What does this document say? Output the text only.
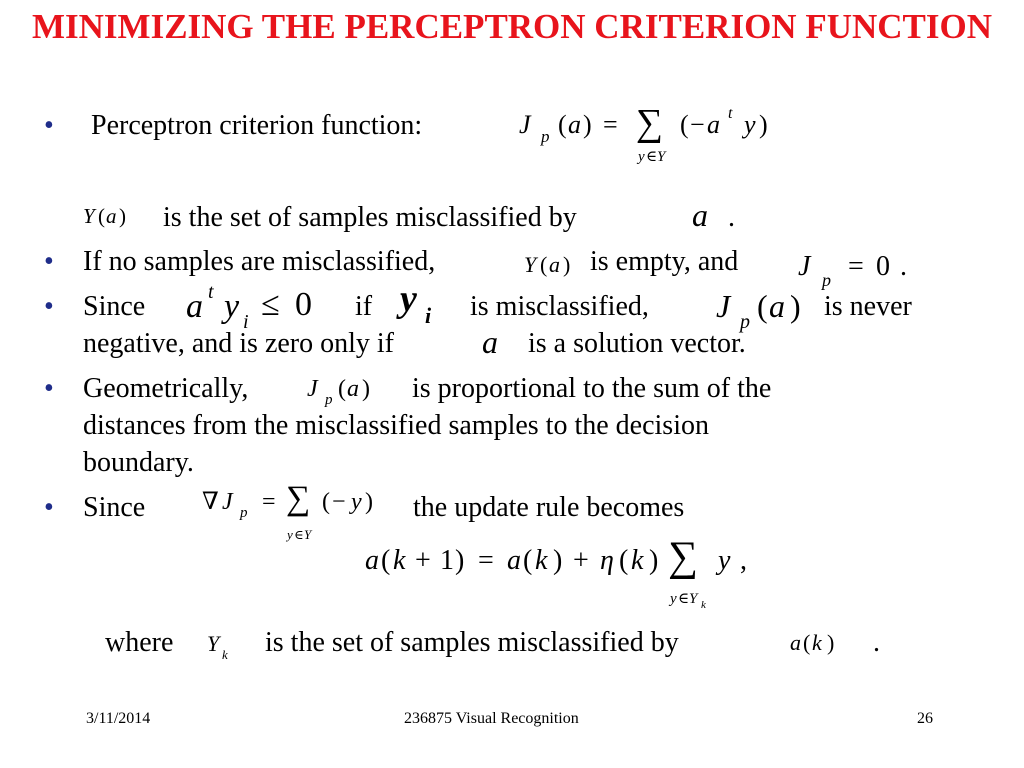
MINIMIZING THE PERCEPTRON CRITERION FUNCTION
• Perceptron criterion function:	J p ( a ) = ∑ ( − a t y )
y ∈ Y
Y ( a ) is the set of samples misclassified by	a .
• If no samples are misclassified,	Y ( a ) is empty, and J p = 0 .
• Since a t y i ≤ 0 if y i is misclassified, J p ( a ) is never
negative, and is zero only if	a is a solution vector.
• Geometrically, J p ( a ) is proportional to the sum of the
distances from the misclassified samples to the decision
boundary.
• Since ∇ J p = ∑ ( − y )
y ∈ Y
the update rule becomes
a ( k + 1 ) = a ( k ) + η ( k ) ∑ y ,
y ∈ Y k
where Y k is the set of samples misclassified by	a ( k ) .
3/11/2014	236875 Visual Recognition	26
